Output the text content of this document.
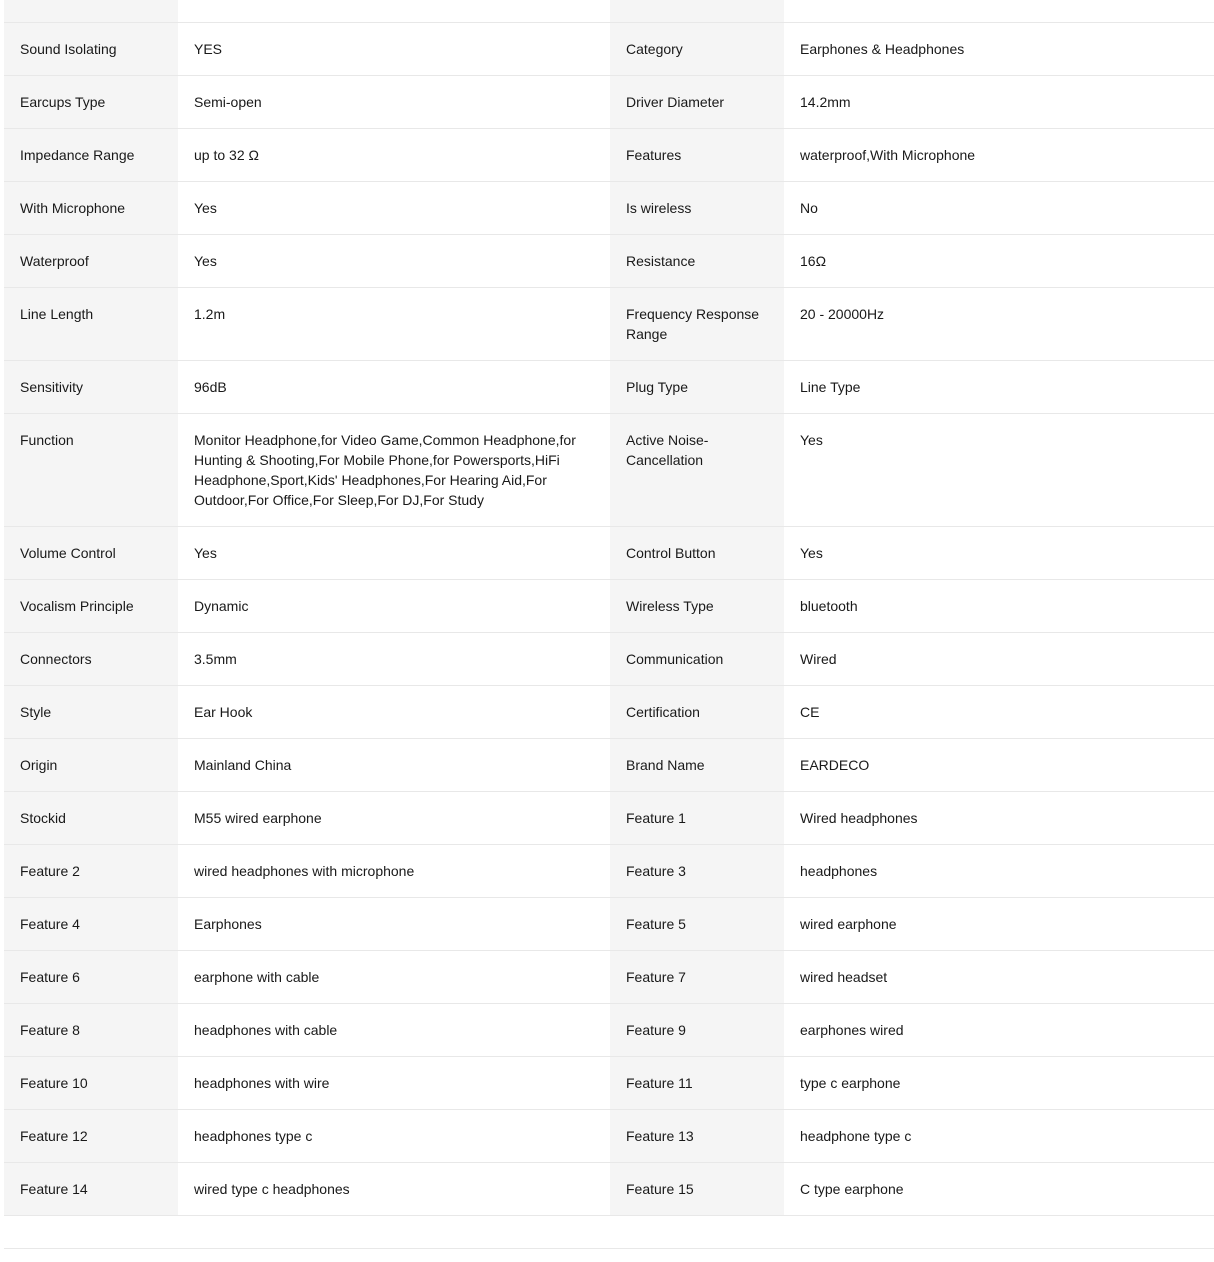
Sound Isolating	YES	Category	Earphones & Headphones
Earcups Type	Semi-open	Driver Diameter	14.2mm
Impedance Range	up to 32 Ω	Features	waterproof,With Microphone
With Microphone	Yes	Is wireless	No
Waterproof	Yes	Resistance	16Ω
Line Length	1.2m	Frequency Response Range	20 - 20000Hz
Sensitivity	96dB	Plug Type	Line Type
Function	Monitor Headphone,for Video Game,Common Headphone,for Hunting & Shooting,For Mobile Phone,for Powersports,HiFi Headphone,Sport,Kids' Headphones,For Hearing Aid,For Outdoor,For Office,For Sleep,For DJ,For Study	Active Noise-Cancellation	Yes
Volume Control	Yes	Control Button	Yes
Vocalism Principle	Dynamic	Wireless Type	bluetooth
Connectors	3.5mm	Communication	Wired
Style	Ear Hook	Certification	CE
Origin	Mainland China	Brand Name	EARDECO
Stockid	M55 wired earphone	Feature 1	Wired headphones
Feature 2	wired headphones with microphone	Feature 3	headphones
Feature 4	Earphones	Feature 5	wired earphone
Feature 6	earphone with cable	Feature 7	wired headset
Feature 8	headphones with cable	Feature 9	earphones wired
Feature 10	headphones with wire	Feature 11	type c earphone
Feature 12	headphones type c	Feature 13	headphone type c
Feature 14	wired type c headphones	Feature 15	C type earphone
